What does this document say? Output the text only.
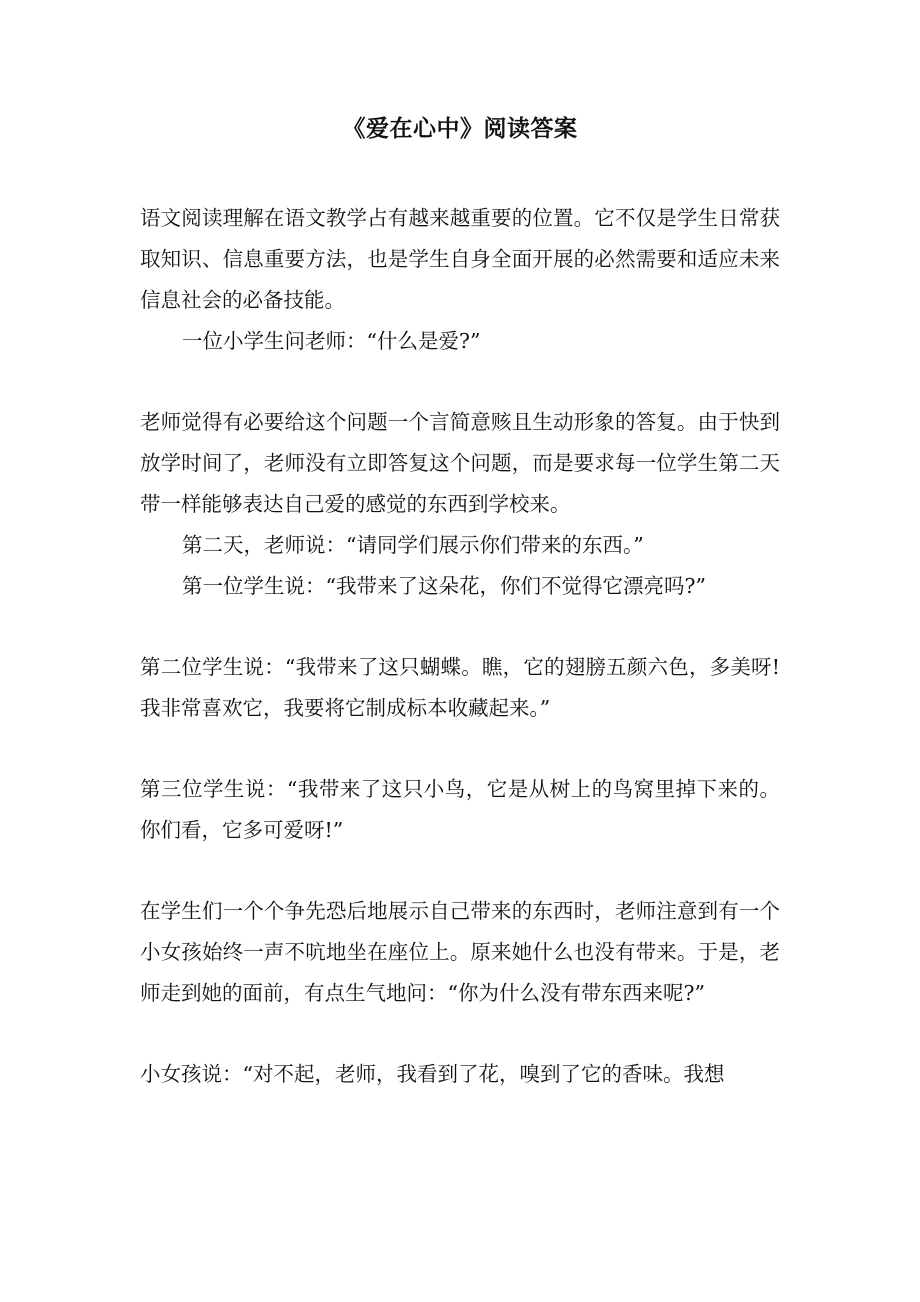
《爱在心中》阅读答案

语文阅读理解在语文教学占有越来越重要的位置。它不仅是学生日常获取知识、信息重要方法，也是学生自身全面开展的必然需要和适应未来信息社会的必备技能。

一位小学生问老师：“什么是爱?”

老师觉得有必要给这个问题一个言简意赅且生动形象的答复。由于快到放学时间了，老师没有立即答复这个问题，而是要求每一位学生第二天带一样能够表达自己爱的感觉的东西到学校来。

第二天，老师说：“请同学们展示你们带来的东西。”

第一位学生说：“我带来了这朵花，你们不觉得它漂亮吗?”

第二位学生说：“我带来了这只蝴蝶。瞧，它的翅膀五颜六色，多美呀!我非常喜欢它，我要将它制成标本收藏起来。”

第三位学生说：“我带来了这只小鸟，它是从树上的鸟窝里掉下来的。你们看，它多可爱呀!”

在学生们一个个争先恐后地展示自己带来的东西时，老师注意到有一个小女孩始终一声不吭地坐在座位上。原来她什么也没有带来。于是，老师走到她的面前，有点生气地问：“你为什么没有带东西来呢?”

小女孩说：“对不起，老师，我看到了花，嗅到了它的香味。我想
